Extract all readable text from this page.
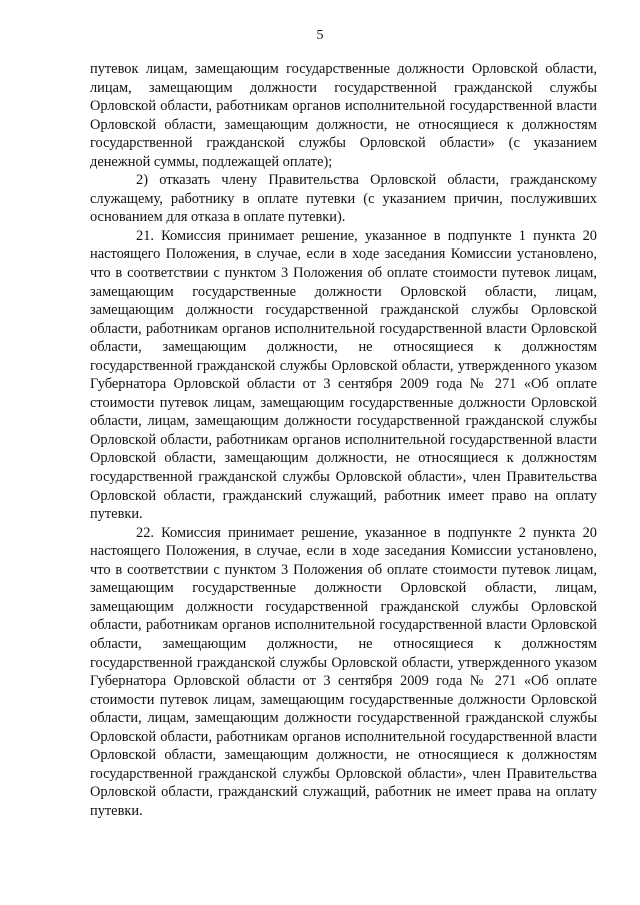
5

путевок лицам, замещающим государственные должности Орловской области, лицам, замещающим должности государственной гражданской службы Орловской области, работникам органов исполнительной государственной власти Орловской области, замещающим должности, не относящиеся к должностям государственной гражданской службы Орловской области» (с указанием денежной суммы, подлежащей оплате);

2) отказать члену Правительства Орловской области, гражданскому служащему, работнику в оплате путевки (с указанием причин, послуживших основанием для отказа в оплате путевки).

21. Комиссия принимает решение, указанное в подпункте 1 пункта 20 настоящего Положения, в случае, если в ходе заседания Комиссии установлено, что в соответствии с пунктом 3 Положения об оплате стоимости путевок лицам, замещающим государственные должности Орловской области, лицам, замещающим должности государственной гражданской службы Орловской области, работникам органов исполнительной государственной власти Орловской области, замещающим должности, не относящиеся к должностям государственной гражданской службы Орловской области, утвержденного указом Губернатора Орловской области от 3 сентября 2009 года № 271 «Об оплате стоимости путевок лицам, замещающим государственные должности Орловской области, лицам, замещающим должности государственной гражданской службы Орловской области, работникам органов исполнительной государственной власти Орловской области, замещающим должности, не относящиеся к должностям государственной гражданской службы Орловской области», член Правительства Орловской области, гражданский служащий, работник имеет право на оплату путевки.

22. Комиссия принимает решение, указанное в подпункте 2 пункта 20 настоящего Положения, в случае, если в ходе заседания Комиссии установлено, что в соответствии с пунктом 3 Положения об оплате стоимости путевок лицам, замещающим государственные должности Орловской области, лицам, замещающим должности государственной гражданской службы Орловской области, работникам органов исполнительной государственной власти Орловской области, замещающим должности, не относящиеся к должностям государственной гражданской службы Орловской области, утвержденного указом Губернатора Орловской области от 3 сентября 2009 года № 271 «Об оплате стоимости путевок лицам, замещающим государственные должности Орловской области, лицам, замещающим должности государственной гражданской службы Орловской области, работникам органов исполнительной государственной власти Орловской области, замещающим должности, не относящиеся к должностям государственной гражданской службы Орловской области», член Правительства Орловской области, гражданский служащий, работник не имеет права на оплату путевки.
